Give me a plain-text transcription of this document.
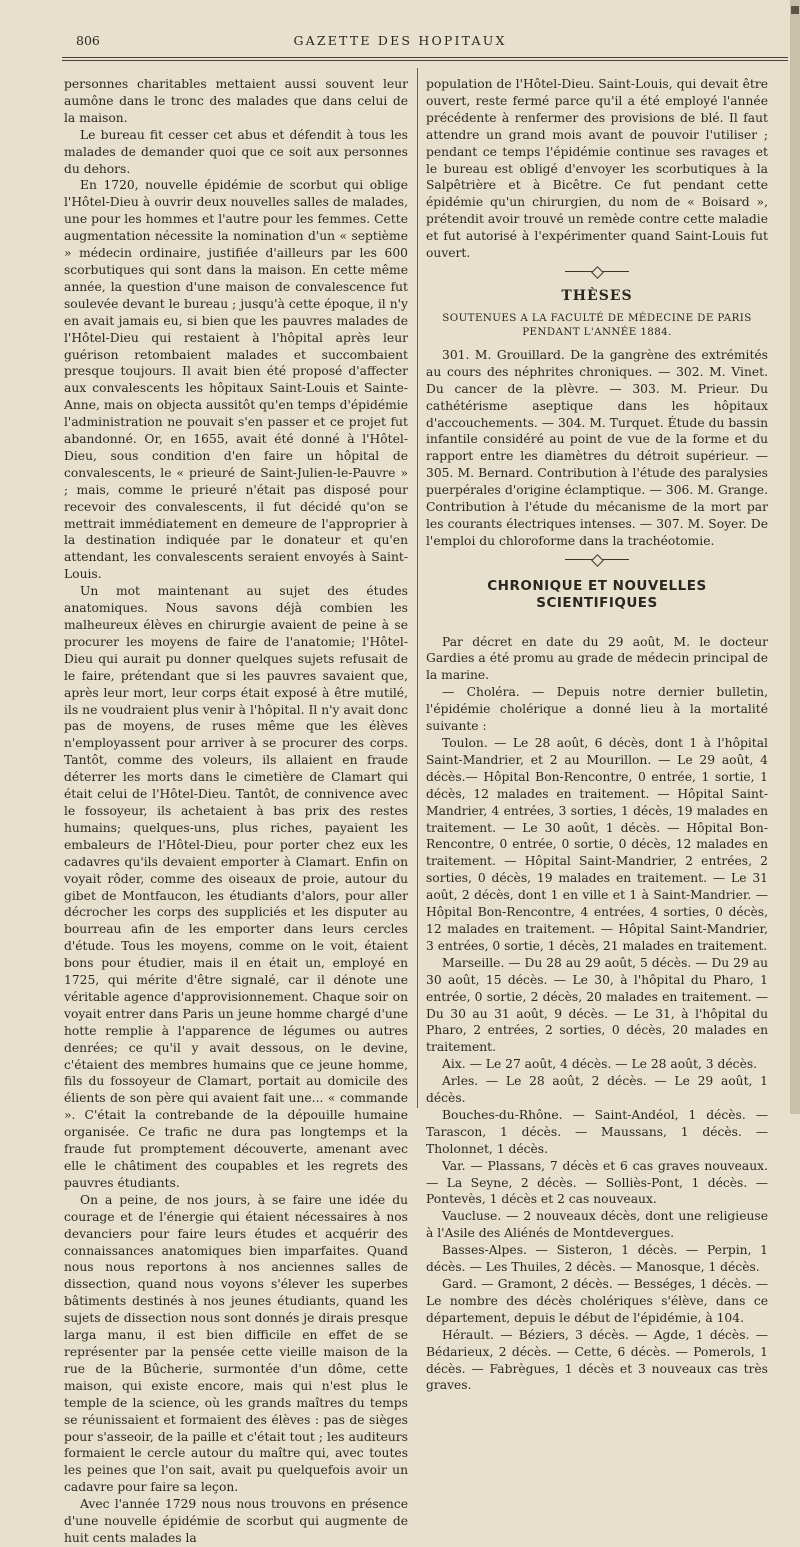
806	GAZETTE DES HOPITAUX

personnes charitables mettaient aussi souvent leur aumône dans le tronc des malades que dans celui de la maison.

Le bureau fit cesser cet abus et défendit à tous les malades de demander quoi que ce soit aux personnes du dehors.

En 1720, nouvelle épidémie de scorbut qui oblige l'Hôtel-Dieu à ouvrir deux nouvelles salles de malades, une pour les hommes et l'autre pour les femmes. Cette augmentation nécessite la nomination d'un « septième » médecin ordinaire, justifiée d'ailleurs par les 600 scorbutiques qui sont dans la maison. En cette même année, la question d'une maison de convalescence fut soulevée devant le bureau ; jusqu'à cette époque, il n'y en avait jamais eu, si bien que les pauvres malades de l'Hôtel-Dieu qui restaient à l'hôpital après leur guérison retombaient malades et succombaient presque toujours. Il avait bien été proposé d'affecter aux convalescents les hôpitaux Saint-Louis et Sainte-Anne, mais on objecta aussitôt qu'en temps d'épidémie l'administration ne pouvait s'en passer et ce projet fut abandonné. Or, en 1655, avait été donné à l'Hôtel-Dieu, sous condition d'en faire un hôpital de convalescents, le « prieuré de Saint-Julien-le-Pauvre » ; mais, comme le prieuré n'était pas disposé pour recevoir des convalescents, il fut décidé qu'on se mettrait immédiatement en demeure de l'approprier à la destination indiquée par le donateur et qu'en attendant, les convalescents seraient envoyés à Saint-Louis.

Un mot maintenant au sujet des études anatomiques. Nous savons déjà combien les malheureux élèves en chirurgie avaient de peine à se procurer les moyens de faire de l'anatomie; l'Hôtel-Dieu qui aurait pu donner quelques sujets refusait de le faire, prétendant que si les pauvres savaient que, après leur mort, leur corps était exposé à être mutilé, ils ne voudraient plus venir à l'hôpital. Il n'y avait donc pas de moyens, de ruses même que les élèves n'employassent pour arriver à se procurer des corps. Tantôt, comme des voleurs, ils allaient en fraude déterrer les morts dans le cimetière de Clamart qui était celui de l'Hôtel-Dieu. Tantôt, de connivence avec le fossoyeur, ils achetaient à bas prix des restes humains; quelques-uns, plus riches, payaient les embaleurs de l'Hôtel-Dieu, pour porter chez eux les cadavres qu'ils devaient emporter à Clamart. Enfin on voyait rôder, comme des oiseaux de proie, autour du gibet de Montfaucon, les étudiants d'alors, pour aller décrocher les corps des suppliciés et les disputer au bourreau afin de les emporter dans leurs cercles d'étude. Tous les moyens, comme on le voit, étaient bons pour étudier, mais il en était un, employé en 1725, qui mérite d'être signalé, car il dénote une véritable agence d'approvisionnement. Chaque soir on voyait entrer dans Paris un jeune homme chargé d'une hotte remplie à l'apparence de légumes ou autres denrées; ce qu'il y avait dessous, on le devine, c'étaient des membres humains que ce jeune homme, fils du fossoyeur de Clamart, portait au domicile des élients de son père qui avaient fait une... « commande ». C'était la contrebande de la dépouille humaine organisée. Ce trafic ne dura pas longtemps et la fraude fut promptement découverte, amenant avec elle le châtiment des coupables et les regrets des pauvres étudiants.

On a peine, de nos jours, à se faire une idée du courage et de l'énergie qui étaient nécessaires à nos devanciers pour faire leurs études et acquérir des connaissances anatomiques bien imparfaites. Quand nous nous reportons à nos anciennes salles de dissection, quand nous voyons s'élever les superbes bâtiments destinés à nos jeunes étudiants, quand les sujets de dissection nous sont donnés je dirais presque larga manu, il est bien difficile en effet de se représenter par la pensée cette vieille maison de la rue de la Bûcherie, surmontée d'un dôme, cette maison, qui existe encore, mais qui n'est plus le temple de la science, où les grands maîtres du temps se réunissaient et formaient des élèves : pas de sièges pour s'asseoir, de la paille et c'était tout ; les auditeurs formaient le cercle autour du maître qui, avec toutes les peines que l'on sait, avait pu quelquefois avoir un cadavre pour faire sa leçon.

Avec l'année 1729 nous nous trouvons en présence d'une nouvelle épidémie de scorbut qui augmente de huit cents malades la

population de l'Hôtel-Dieu. Saint-Louis, qui devait être ouvert, reste fermé parce qu'il a été employé l'année précédente à renfermer des provisions de blé. Il faut attendre un grand mois avant de pouvoir l'utiliser ; pendant ce temps l'épidémie continue ses ravages et le bureau est obligé d'envoyer les scorbutiques à la Salpêtrière et à Bicêtre. Ce fut pendant cette épidémie qu'un chirurgien, du nom de « Boisard », prétendit avoir trouvé un remède contre cette maladie et fut autorisé à l'expérimenter quand Saint-Louis fut ouvert.

THÈSES
SOUTENUES A LA FACULTÉ DE MÉDECINE DE PARIS
PENDANT L'ANNÉE 1884.

301. M. Grouillard. De la gangrène des extrémités au cours des néphrites chroniques. — 302. M. Vinet. Du cancer de la plèvre. — 303. M. Prieur. Du cathétérisme aseptique dans les hôpitaux d'accouchements. — 304. M. Turquet. Étude du bassin infantile considéré au point de vue de la forme et du rapport entre les diamètres du détroit supérieur. — 305. M. Bernard. Contribution à l'étude des paralysies puerpérales d'origine éclamptique. — 306. M. Grange. Contribution à l'étude du mécanisme de la mort par les courants électriques intenses. — 307. M. Soyer. De l'emploi du chloroforme dans la trachéotomie.

CHRONIQUE ET NOUVELLES SCIENTIFIQUES

Par décret en date du 29 août, M. le docteur Gardies a été promu au grade de médecin principal de la marine.

— Choléra. — Depuis notre dernier bulletin, l'épidémie cholérique a donné lieu à la mortalité suivante :

Toulon. — Le 28 août, 6 décès, dont 1 à l'hôpital Saint-Mandrier, et 2 au Mourillon. — Le 29 août, 4 décès.— Hôpital Bon-Rencontre, 0 entrée, 1 sortie, 1 décès, 12 malades en traitement. — Hôpital Saint-Mandrier, 4 entrées, 3 sorties, 1 décès, 19 malades en traitement. — Le 30 août, 1 décès. — Hôpital Bon-Rencontre, 0 entrée, 0 sortie, 0 décès, 12 malades en traitement. — Hôpital Saint-Mandrier, 2 entrées, 2 sorties, 0 décès, 19 malades en traitement. — Le 31 août, 2 décès, dont 1 en ville et 1 à Saint-Mandrier. — Hôpital Bon-Rencontre, 4 entrées, 4 sorties, 0 décès, 12 malades en traitement. — Hôpital Saint-Mandrier, 3 entrées, 0 sortie, 1 décès, 21 malades en traitement.

Marseille. — Du 28 au 29 août, 5 décès. — Du 29 au 30 août, 15 décès. — Le 30, à l'hôpital du Pharo, 1 entrée, 0 sortie, 2 décès, 20 malades en traitement. — Du 30 au 31 août, 9 décès. — Le 31, à l'hôpital du Pharo, 2 entrées, 2 sorties, 0 décès, 20 malades en traitement.

Aix. — Le 27 août, 4 décès. — Le 28 août, 3 décès.

Arles. — Le 28 août, 2 décès. — Le 29 août, 1 décès.

Bouches-du-Rhône. — Saint-Andéol, 1 décès. — Tarascon, 1 décès. — Maussans, 1 décès. — Tholonnet, 1 décès.

Var. — Plassans, 7 décès et 6 cas graves nouveaux. — La Seyne, 2 décès. — Solliès-Pont, 1 décès. — Pontevès, 1 décès et 2 cas nouveaux.

Vaucluse. — 2 nouveaux décès, dont une religieuse à l'Asile des Aliénés de Montdevergues.

Basses-Alpes. — Sisteron, 1 décès. — Perpin, 1 décès. — Les Thuiles, 2 décès. — Manosque, 1 décès.

Gard. — Gramont, 2 décès. — Bességes, 1 décès. — Le nombre des décès cholériques s'élève, dans ce département, depuis le début de l'épidémie, à 104.

Hérault. — Béziers, 3 décès. — Agde, 1 décès. — Bédarieux, 2 décès. — Cette, 6 décès. — Pomerols, 1 décès. — Fabrègues, 1 décès et 3 nouveaux cas très graves.
